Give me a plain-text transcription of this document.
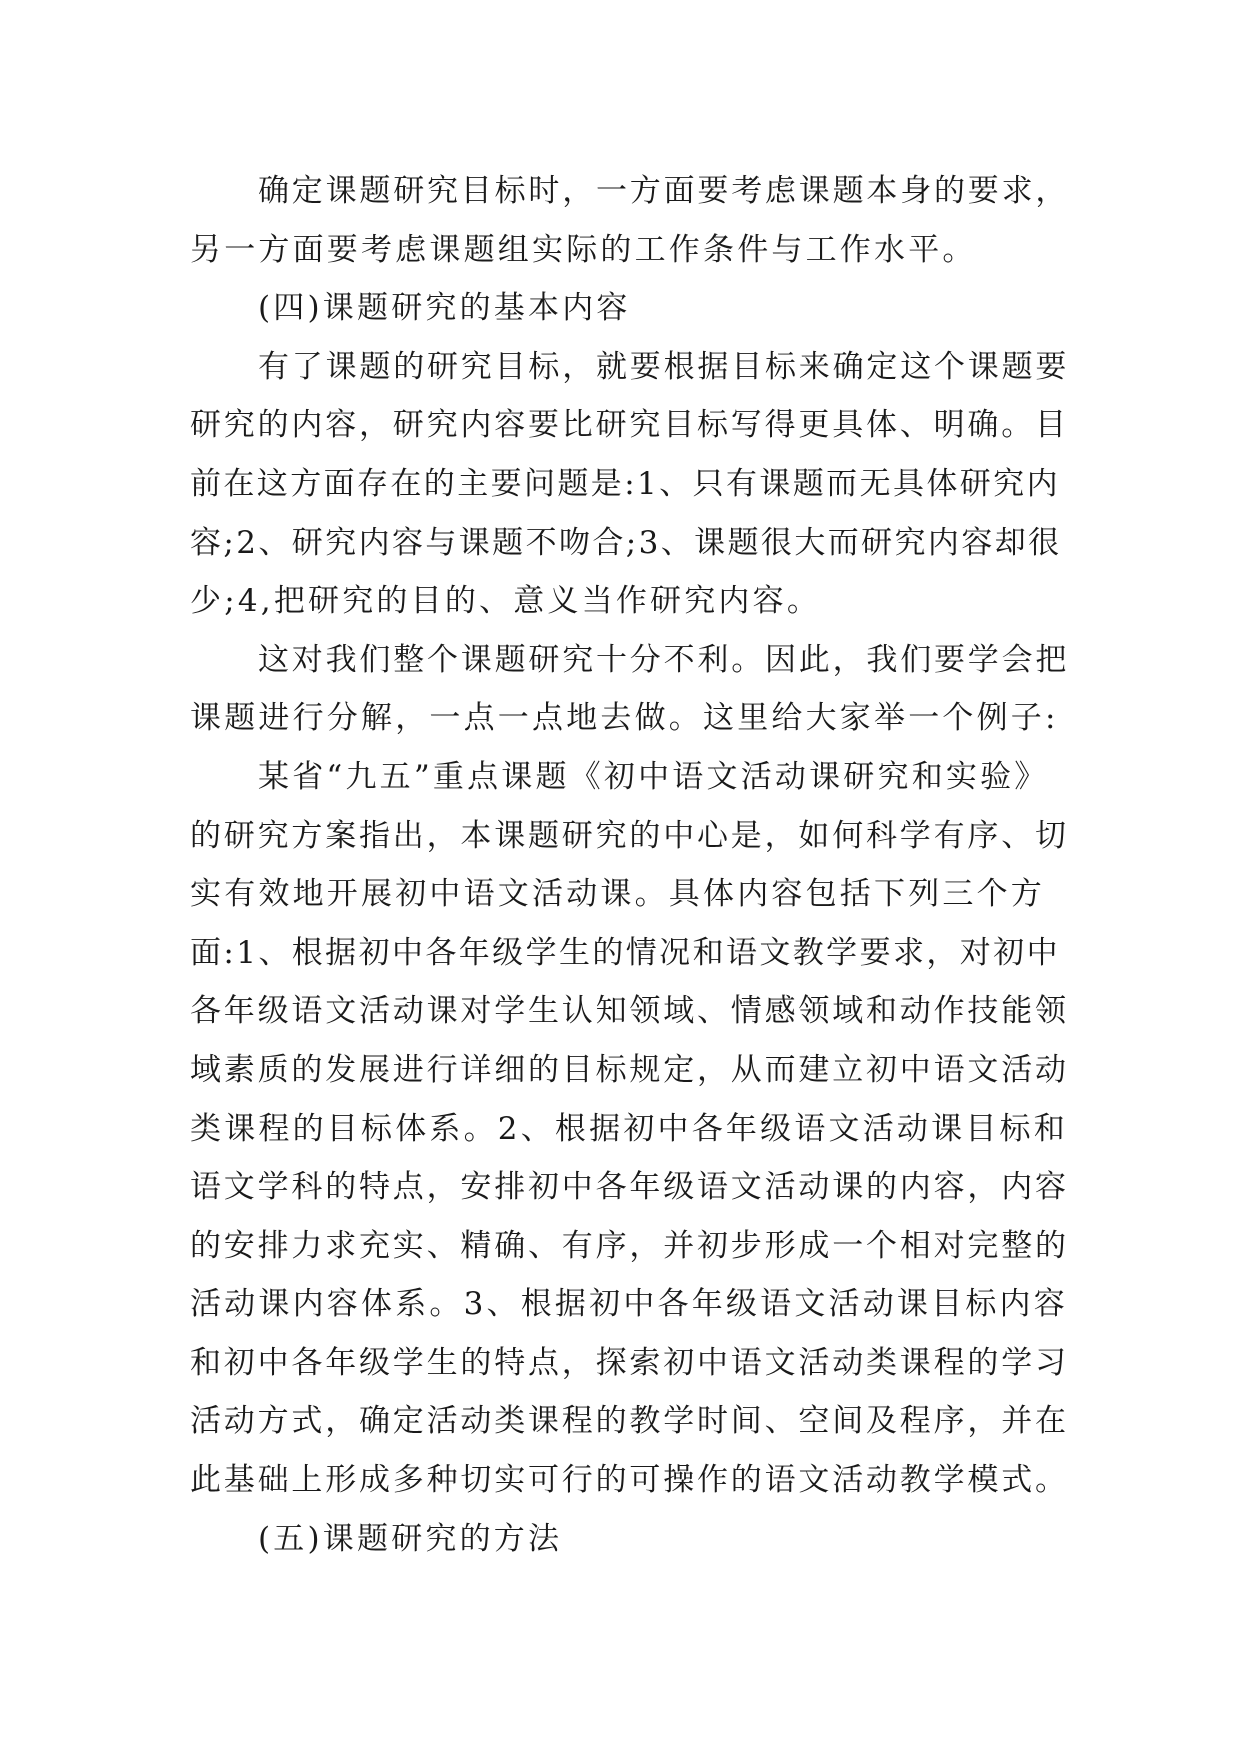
确定课题研究目标时，一方面要考虑课题本身的要求，
另一方面要考虑课题组实际的工作条件与工作水平。
(四)课题研究的基本内容
有了课题的研究目标，就要根据目标来确定这个课题要
研究的内容，研究内容要比研究目标写得更具体、明确。目
前在这方面存在的主要问题是:1、只有课题而无具体研究内
容;2、研究内容与课题不吻合;3、课题很大而研究内容却很
少;4,把研究的目的、意义当作研究内容。
这对我们整个课题研究十分不利。因此，我们要学会把
课题进行分解，一点一点地去做。这里给大家举一个例子:
某省“九五”重点课题《初中语文活动课研究和实验》
的研究方案指出，本课题研究的中心是，如何科学有序、切
实有效地开展初中语文活动课。具体内容包括下列三个方
面:1、根据初中各年级学生的情况和语文教学要求，对初中
各年级语文活动课对学生认知领域、情感领域和动作技能领
域素质的发展进行详细的目标规定，从而建立初中语文活动
类课程的目标体系。2、根据初中各年级语文活动课目标和
语文学科的特点，安排初中各年级语文活动课的内容，内容
的安排力求充实、精确、有序，并初步形成一个相对完整的
活动课内容体系。3、根据初中各年级语文活动课目标内容
和初中各年级学生的特点，探索初中语文活动类课程的学习
活动方式，确定活动类课程的教学时间、空间及程序，并在
此基础上形成多种切实可行的可操作的语文活动教学模式。
(五)课题研究的方法
